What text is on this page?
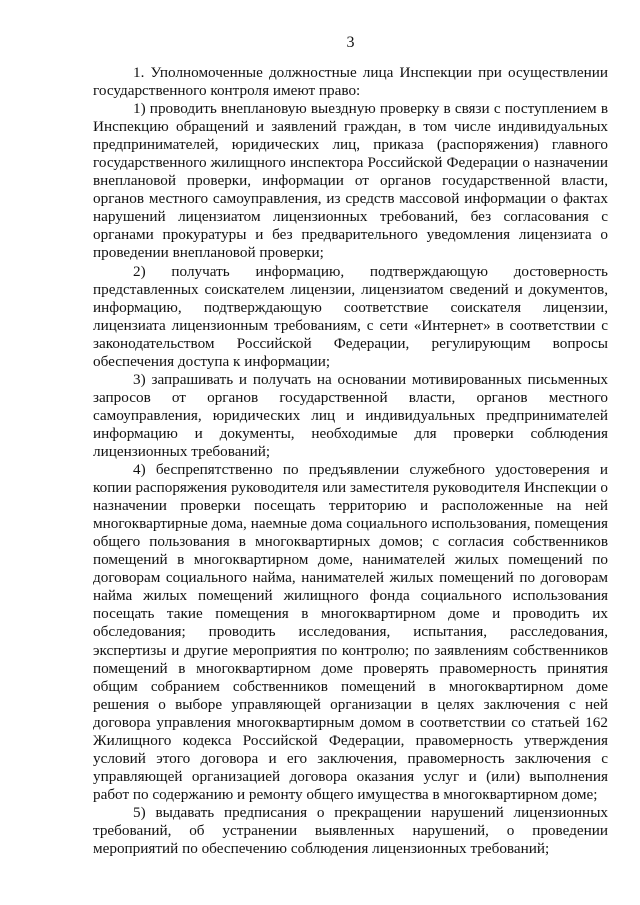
3

1. Уполномоченные должностные лица Инспекции при осуществлении государственного контроля имеют право:

1) проводить внеплановую выездную проверку в связи с поступлением в Инспекцию обращений и заявлений граждан, в том числе индивидуальных предпринимателей, юридических лиц, приказа (распоряжения) главного государственного жилищного инспектора Российской Федерации о назначении внеплановой проверки, информации от органов государственной власти, органов местного самоуправления, из средств массовой информации о фактах нарушений лицензиатом лицензионных требований, без согласования с органами прокуратуры и без предварительного уведомления лицензиата о проведении внеплановой проверки;

2) получать информацию, подтверждающую достоверность представленных соискателем лицензии, лицензиатом сведений и документов, информацию, подтверждающую соответствие соискателя лицензии, лицензиата лицензионным требованиям, с сети «Интернет» в соответствии с законодательством Российской Федерации, регулирующим вопросы обеспечения доступа к информации;

3) запрашивать и получать на основании мотивированных письменных запросов от органов государственной власти, органов местного самоуправления, юридических лиц и индивидуальных предпринимателей информацию и документы, необходимые для проверки соблюдения лицензионных требований;

4) беспрепятственно по предъявлении служебного удостоверения и копии распоряжения руководителя или заместителя руководителя Инспекции о назначении проверки посещать территорию и расположенные на ней многоквартирные дома, наемные дома социального использования, помещения общего пользования в многоквартирных домов; с согласия собственников помещений в многоквартирном доме, нанимателей жилых помещений по договорам социального найма, нанимателей жилых помещений по договорам найма жилых помещений жилищного фонда социального использования посещать такие помещения в многоквартирном доме и проводить их обследования; проводить исследования, испытания, расследования, экспертизы и другие мероприятия по контролю; по заявлениям собственников помещений в многоквартирном доме проверять правомерность принятия общим собранием собственников помещений в многоквартирном доме решения о выборе управляющей организации в целях заключения с ней договора управления многоквартирным домом в соответствии со статьей 162 Жилищного кодекса Российской Федерации, правомерность утверждения условий этого договора и его заключения, правомерность заключения с управляющей организацией договора оказания услуг и (или) выполнения работ по содержанию и ремонту общего имущества в многоквартирном доме;

5) выдавать предписания о прекращении нарушений лицензионных требований, об устранении выявленных нарушений, о проведении мероприятий по обеспечению соблюдения лицензионных требований;
